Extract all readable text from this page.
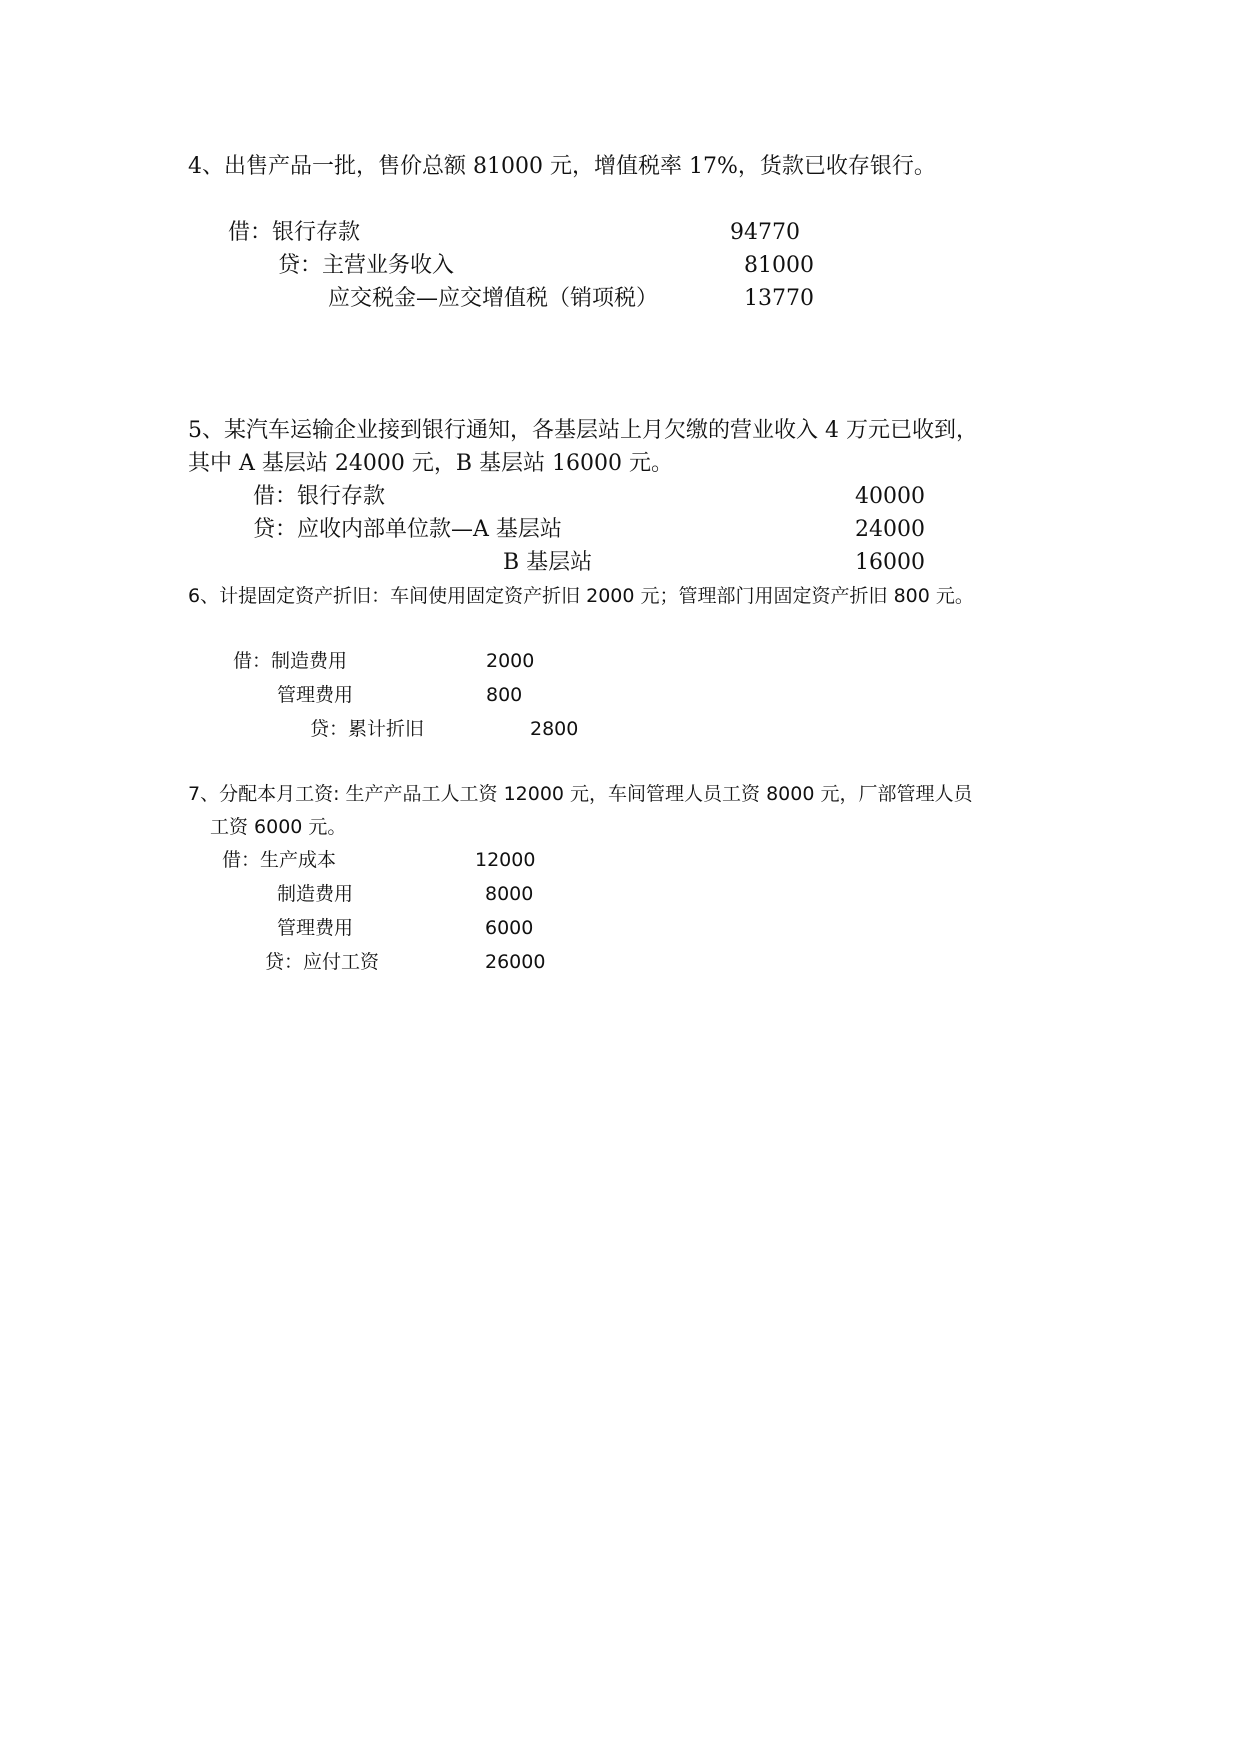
4、出售产品一批，售价总额 81000 元，增值税率 17%，货款已收存银行。
借：银行存款	94770
贷：主营业务收入	81000
应交税金—应交增值税（销项税）	13770
5、某汽车运输企业接到银行通知，各基层站上月欠缴的营业收入 4 万元已收到，
其中 A 基层站 24000 元，B 基层站 16000 元。
借：银行存款	40000
贷：应收内部单位款—A 基层站	24000
B 基层站	16000
6、计提固定资产折旧：车间使用固定资产折旧 2000 元；管理部门用固定资产折旧 800 元。
借：制造费用	2000
管理费用	800
贷：累计折旧	2800
7、分配本月工资: 生产产品工人工资 12000 元，车间管理人员工资 8000 元，厂部管理人员
工资 6000 元。
借：生产成本	12000
制造费用	8000
管理费用	6000
贷：应付工资	26000
